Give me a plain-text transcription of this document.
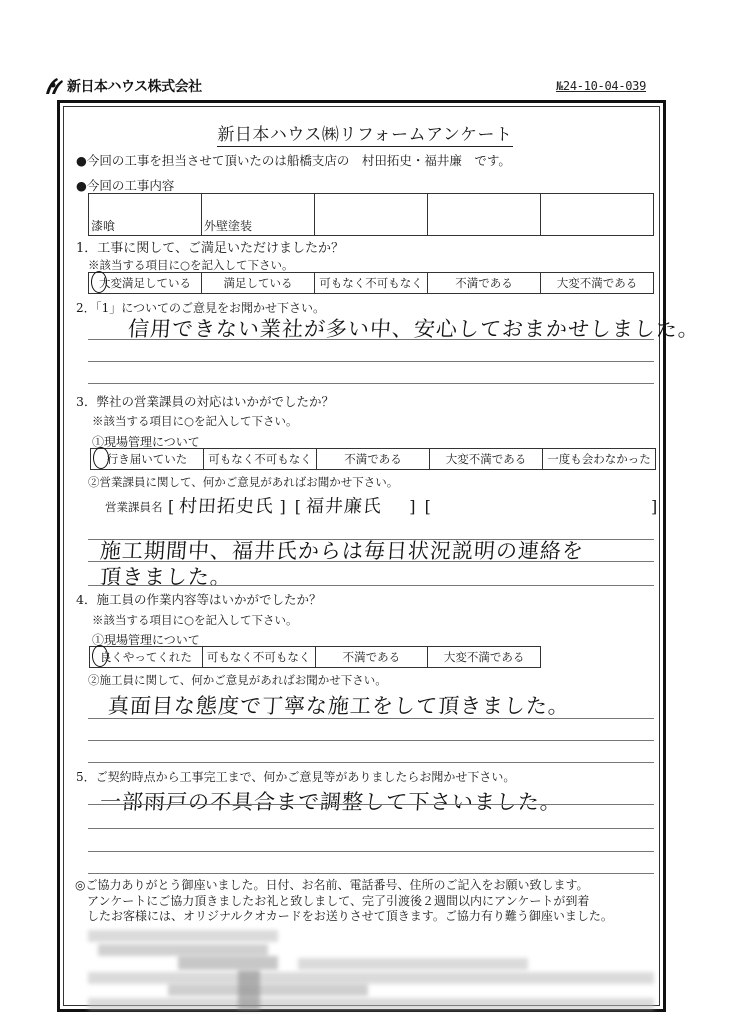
新日本ハウス株式会社	№24-10-04-039
新日本ハウス㈱リフォームアンケート
●今回の工事を担当させて頂いたのは船橋支店の　村田拓史・福井廉　です。
●今回の工事内容
漆喰	外壁塗装			
1．工事に関して、ご満足いただけましたか？
※該当する項目に○を記入して下さい。
大変満足している	満足している	可もなく不可もなく	不満である	大変不満である
2．「1」についてのご意見をお聞かせ下さい。
信用できない業社が多い中、安心しておまかせしました。
3．弊社の営業課員の対応はいかがでしたか？
※該当する項目に○を記入して下さい。
①現場管理について
行き届いていた	可もなく不可もなく	不満である	大変不満である	一度も会わなかった
②営業課員に関して、何かご意見があればお聞かせ下さい。
営業課員名 [ 村田拓史氏 ] [ 福井廉氏 ] [	]
施工期間中、福井氏からは毎日状況説明の連絡を
頂きました。
4．施工員の作業内容等はいかがでしたか？
※該当する項目に○を記入して下さい。
①現場管理について
良くやってくれた	可もなく不可もなく	不満である	大変不満である
②施工員に関して、何かご意見があればお聞かせ下さい。
真面目な態度で丁寧な施工をして頂きました。
5．ご契約時点から工事完工まで、何かご意見等がありましたらお聞かせ下さい。
一部雨戸の不具合まで調整して下さいました。
◎ご協力ありがとう御座いました。日付、お名前、電話番号、住所のご記入をお願い致します。
　アンケートにご協力頂きましたお礼と致しまして、完了引渡後２週間以内にアンケートが到着
　したお客様には、オリジナルクオカードをお送りさせて頂きます。ご協力有り難う御座いました。
